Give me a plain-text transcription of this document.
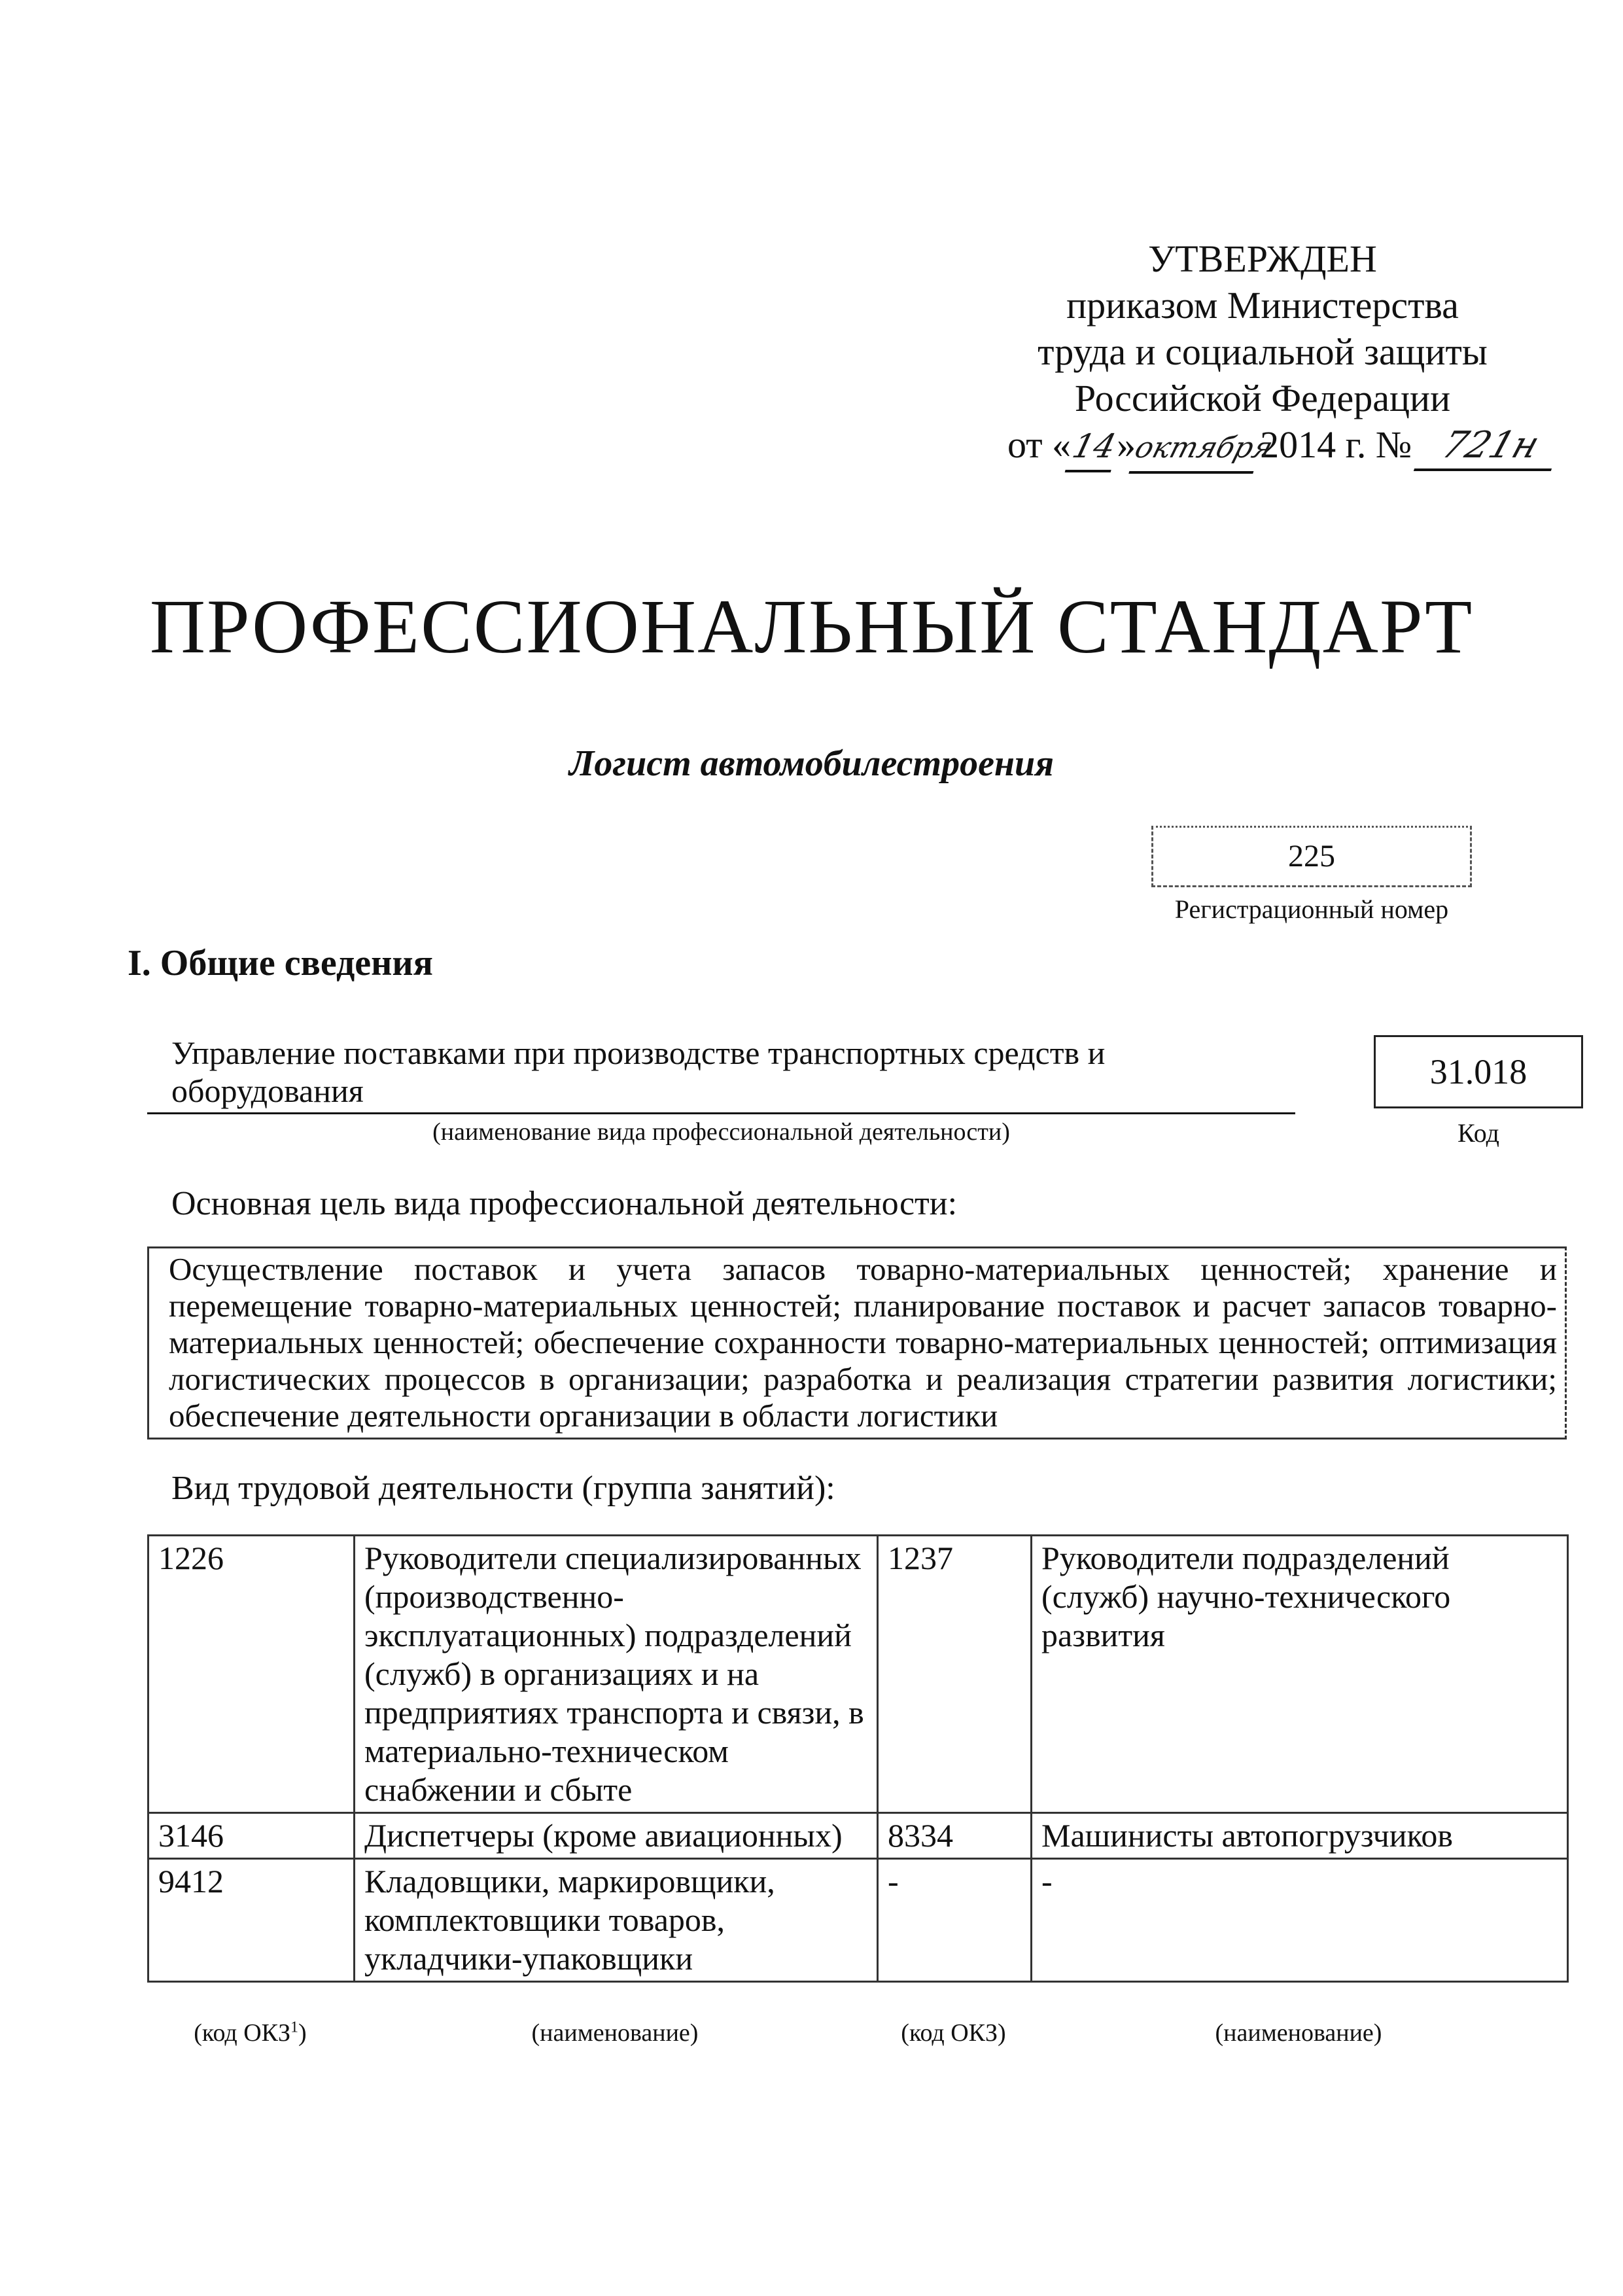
УТВЕРЖДЕН
приказом Министерства
труда и социальной защиты
Российской Федерации
от «14»октября2014 г. № 721н
ПРОФЕССИОНАЛЬНЫЙ СТАНДАРТ
Логист автомобилестроения
225
Регистрационный номер
I. Общие сведения
Управление поставками при производстве транспортных средств и
оборудования
(наименование вида профессиональной деятельности)
31.018
Код
Основная цель вида профессиональной деятельности:
Осуществление поставок и учета запасов товарно-материальных ценностей; хранение и перемещение товарно-материальных ценностей; планирование поставок и расчет запасов товарно-материальных ценностей; обеспечение сохранности товарно-материальных ценностей; оптимизация логистических процессов в организации; разработка и реализация стратегии развития логистики; обеспечение деятельности организации в области логистики
Вид трудовой деятельности (группа занятий):
1226	Руководители специализированных (производственно-эксплуатационных) подразделений (служб) в организациях и на предприятиях транспорта и связи, в материально-техническом снабжении и сбыте	1237	Руководители подразделений (служб) научно-технического развития
3146	Диспетчеры (кроме авиационных)	8334	Машинисты автопогрузчиков
9412	Кладовщики, маркировщики, комплектовщики товаров, укладчики-упаковщики	-	-
(код ОКЗ$^1$)	(наименование)	(код ОКЗ)	(наименование)
